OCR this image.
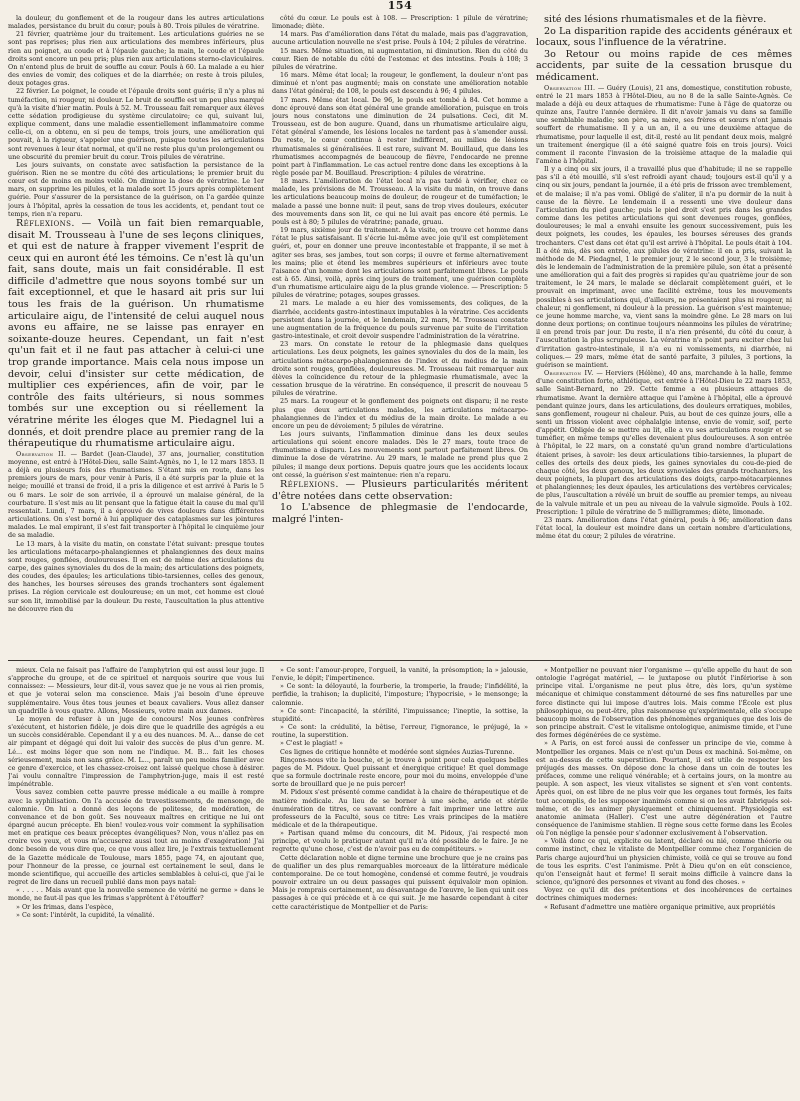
154

la douleur, du gonflement et de la rougeur dans les autres articulations malades, persistance du bruit du cœur; pouls à 80. Trois pilules de vératrine.

21 février, quatrième jour du traitement. Les articulations guéries ne se sont pas reprises; plus rien aux articulations des membres inférieurs, plus rien au poignet, au coude et à l'épaule gauche; la main, le coude et l'épaule droits sont encore un peu pris; plus rien aux articulations sterno-claviculaires. On n'entend plus de bruit de souffle au cœur. Pouls à 60. La malade a eu hier des envies de vomir, des coliques et de la diarrhée; on reste à trois pilules, deux potages gras.

22 février. Le poignet, le coude et l'épaule droits sont guéris; il n'y a plus ni tuméfaction, ni rougeur, ni douleur. Le bruit de souffle est un peu plus marqué qu'à la visite d'hier matin. Pouls à 52. M. Trousseau fait remarquer aux élèves cette sédation prodigieuse du système circulatoire; ce qui, suivant lui, explique comment, dans une maladie essentiellement inflammatoire comme celle-ci, on a obtenu, en si peu de temps, trois jours, une amélioration qui pouvait, à la rigueur, s'appeler une guérison, puisque toutes les articulations sont revenues à leur état normal, et qu'il ne reste plus qu'un prolongement ou une obscurité du premier bruit du cœur. Trois pilules de vératrine.

Les jours suivants, on constate avec satisfaction la persistance de la guérison. Rien ne se montre du côté des articulations; le premier bruit du cœur est de moins en moins voilé. On diminue la dose de vératrine. Le 1er mars, on supprime les pilules, et la malade sort 15 jours après complètement guérie. Pour s'assurer de la persistance de la guérison, on l'a gardée quinze jours à l'hôpital, après la cessation de tous les accidents, et, pendant tout ce temps, rien n'a reparu.

Réflexions. — Voilà un fait bien remarquable, disait M. Trousseau à l'une de ses leçons cliniques, et qui est de nature à frapper vivement l'esprit de ceux qui en auront été les témoins. Ce n'est là qu'un fait, sans doute, mais un fait considérable. Il est difficile d'admettre que nous soyons tombé sur un fait exceptionnel, et que le hasard ait pris sur lui tous les frais de la guérison. Un rhumatisme articulaire aigu, de l'intensité de celui auquel nous avons eu affaire, ne se laisse pas enrayer en soixante-douze heures. Cependant, un fait n'est qu'un fait et il ne faut pas attacher à celui-ci une trop grande importance. Mais cela nous impose un devoir, celui d'insister sur cette médication, de multiplier ces expériences, afin de voir, par le contrôle des faits ultérieurs, si nous sommes tombés sur une exception ou si réellement la vératrine mérite les éloges que M. Piedagnel lui a donnés, et doit prendre place au premier rang de la thérapeutique du rhumatisme articulaire aigu.

Observation II. — Bardet (Jean-Claude), 37 ans, journalier, constitution moyenne, est entré à l'Hôtel-Dieu, salle Saint-Agnès, no 1, le 12 mars 1853. Il a déjà eu plusieurs fois des rhumatismes. S'étant mis en route, dans les premiers jours de mars, pour venir à Paris, il a été surpris par la pluie et la neige; mouillé et transi de froid, il a pris la diligence et est arrivé à Paris le 5 ou 6 mars. Le soir de son arrivée, il a éprouvé un malaise général, de la courbature. Il s'est mis au lit pensant que la fatigue était la cause du mal qu'il ressentait. Lundi, 7 mars, il a éprouvé de vives douleurs dans différentes articulations. On s'est borné à lui appliquer des cataplasmes sur les jointures malades. Le mal empirant, il s'est fait transporter à l'hôpital le cinquième jour de sa maladie.

Le 13 mars, à la visite du matin, on constate l'état suivant: presque toutes les articulations métacarpo-phalangiennes et phalangiennes des deux mains sont rouges, gonflées, douloureuses. Il en est de même des articulations du carpe, des gaines synoviales du dos de la main; des articulations des poignets, des coudes, des épaules; les articulations tibio-tarsiennes, celles des genoux, des hanches, les bourses séreuses des grands trochanters sont également prises. La région cervicale est douloureuse; en un mot, cet homme est cloué sur son lit, immobilisé par la douleur. Du reste, l'auscultation la plus attentive ne découvre rien du

côté du cœur. Le pouls est à 108. — Prescription: 1 pilule de vératrine; limonade; diète.

14 mars. Pas d'amélioration dans l'état du malade, mais pas d'aggravation, aucune articulation nouvelle ne s'est prise. Pouls à 104; 2 pilules de vératrine.

15 mars. Même situation, ni augmentation, ni diminution. Rien du côté du cœur. Rien de notable du côté de l'estomac et des intestins. Pouls à 108; 3 pilules de vératrine.

16 mars. Même état local; la rougeur, le gonflement, la douleur n'ont pas diminué et n'ont pas augmenté; mais on constate une amélioration notable dans l'état général; de 108, le pouls est descendu à 96; 4 pilules.

17 mars. Même état local. De 96, le pouls est tombé à 84. Cet homme a donc éprouvé dans son état général une grande amélioration, puisque en trois jours nous constatons une diminution de 24 pulsations. Ceci, dit M. Trousseau, est de bon augure. Quand, dans un rhumatisme articulaire aigu, l'état général s'amende, les lésions locales ne tardent pas à s'amender aussi. Du reste, le cœur continue à rester indifférent, au milieu de lésions rhumatismales si généralisées. Il est rare, suivant M. Bouillaud, que dans les rhumatismes accompagnés de beaucoup de fièvre, l'endocarde ne prenne point part à l'inflammation. Le cas actuel rentre donc dans les exceptions à la règle posée par M. Bouillaud. Prescription: 4 pilules de vératrine.

18 mars. L'amélioration de l'état local n'a pas tardé à vérifier, chez ce malade, les prévisions de M. Trousseau. A la visite du matin, on trouve dans les articulations beaucoup moins de douleur, de rougeur et de tuméfaction; le malade a passé une bonne nuit: il peut, sans de trop vives douleurs, exécuter des mouvements dans son lit, ce qui ne lui avait pas encore été permis. Le pouls est à 80; 5 pilules de vératrine; panade, gruau.

19 mars, sixième jour de traitement. A la visite, on trouve cet homme dans l'état le plus satisfaisant. Il s'écrie lui-même avec joie qu'il est complètement guéri, et, pour en donner une preuve incontestable et frappante, il se met à agiter ses bras, ses jambes, tout son corps; il ouvre et ferme alternativement les mains; plie et étend les membres supérieurs et inférieurs avec toute l'aisance d'un homme dont les articulations sont parfaitement libres. Le pouls est à 65. Ainsi, voilà, après cinq jours de traitement, une guérison complète d'un rhumatisme articulaire aigu de la plus grande violence. — Prescription: 5 pilules de vératrine; potages, soupes grasses.

21 mars. Le malade a eu hier des vomissements, des coliques, de la diarrhée, accidents gastro-intestinaux imputables à la vératrine. Ces accidents persistent dans la journée, et le lendemain, 22 mars, M. Trousseau constate une augmentation de la fréquence du pouls survenue par suite de l'irritation gastro-intestinale, et croit devoir suspendre l'administration de la vératrine.

23 mars. On constate le retour de la phlegmasie dans quelques articulations. Les deux poignets, les gaines synoviales du dos de la main, les articulations métacarpo-phalangiennes de l'index et du médius de la main droite sont rouges, gonflées, douloureuses. M. Trousseau fait remarquer aux élèves la coïncidence du retour de la phlegmasie rhumatismale, avec la cessation brusque de la vératrine. En conséquence, il prescrit de nouveau 5 pilules de vératrine.

25 mars. La rougeur et le gonflement des poignets ont disparu; il ne reste plus que deux articulations malades, les articulations métacarpo-phalangiennes de l'index et du médius de la main droite. Le malade a eu encore un peu de dévoiement; 5 pilules de vératrine.

Les jours suivants, l'inflammation diminue dans les deux seules articulations qui soient encore malades. Dès le 27 mars, toute trace de rhumatisme a disparu. Les mouvements sont partout parfaitement libres. On diminue la dose de vératrine. Au 29 mars, le malade ne prend plus que 2 pilules; il mange deux portions. Depuis quatre jours que les accidents locaux ont cessé, la guérison s'est maintenue: rien n'a reparu.

Réflexions. — Plusieurs particularités méritent d'être notées dans cette observation:

1o L'absence de phlegmasie de l'endocarde, malgré l'inten-

sité des lésions rhumatismales et de la fièvre.

2o La disparition rapide des accidents généraux et locaux, sous l'influence de la vératrine.

3o Retour ou moins rapide de ces mêmes accidents, par suite de la cessation brusque du médicament.

Observation III. — Guéry (Louis), 21 ans, domestique, constitution robuste, entré le 21 mars 1853 à l'Hôtel-Dieu, au no 8 de la salle Sainte-Agnès. Ce malade a déjà eu deux attaques de rhumatisme: l'une à l'âge de quatorze ou quinze ans, l'autre l'année dernière. Il dit n'avoir jamais vu dans sa famille une semblable maladie; son père, sa mère, ses frères et sœurs n'ont jamais souffert de rhumatisme. Il y a un an, il a eu une deuxième attaque de rhumatisme, pour laquelle il est, dit-il, resté au lit pendant deux mois, malgré un traitement énergique (il a été saigné quatre fois en trois jours). Voici comment il raconte l'invasion de la troisième attaque de la maladie qui l'amène à l'hôpital.

Il y a cinq ou six jours, il a travaillé plus que d'habitude; il ne se rappelle pas s'il a été mouillé, s'il s'est refroidi ayant chaud; toujours est-il qu'il y a cinq ou six jours, pendant la journée, il a été pris de frisson avec tremblement, et de malaise; il n'a pas vomi. Obligé de s'aliter, il n'a pu dormir de la nuit à cause de la fièvre. Le lendemain il a ressenti une vive douleur dans l'articulation du pied gauche; puis le pied droit s'est pris dans les grandes comme dans les petites articulations qui sont devenues rouges, gonflées, douloureuses; le mal a envahi ensuite les genoux successivement, puis les deux poignets, les coudes, les épaules, les bourses séreuses des grands trochanters. C'est dans cet état qu'il est arrivé à l'hôpital. Le pouls était à 104. Il a été mis, dès son entrée, aux pilules de vératrine: il en a pris, suivant la méthode de M. Piedagnel, 1 le premier jour, 2 le second jour, 3 le troisième; dès le lendemain de l'administration de la première pilule, son état a présenté une amélioration qui a fait des progrès si rapides qu'au quatrième jour de son traitement, le 24 mars, le malade se déclarait complètement guéri, et le prouvait en imprimant, avec une facilité extrême, tous les mouvements possibles à ses articulations qui, d'ailleurs, ne présentaient plus ni rougeur, ni chaleur, ni gonflement, ni douleur à la pression. La guérison s'est maintenue; ce jeune homme marche, va, vient sans la moindre gêne. Le 28 mars on lui donne deux portions; on continue toujours néanmoins les pilules de vératrine; il en prend trois par jour. Du reste, il n'a rien présenté, du côté du cœur, à l'auscultation la plus scrupuleuse. La vératrine n'a point paru exciter chez lui d'irritation gastro-intestinale, il n'a eu ni vomissements, ni diarrhée, ni coliques.— 29 mars, même état de santé parfaite, 3 pilules, 3 portions, la guérison se maintient.

Observation IV. — Herviers (Hélène), 40 ans, marchande à la halle, femme d'une constitution forte, athlétique, est entrée à l'Hôtel-Dieu le 22 mars 1853, salle Saint-Bernard, no 29. Cette femme a eu plusieurs attaques de rhumatisme. Avant la dernière attaque qui l'amène à l'hôpital, elle a éprouvé pendant quinze jours, dans les articulations, des douleurs erratiques, mobiles, sans gonflement, rougeur ni chaleur. Puis, au bout de ces quinze jours, elle a senti un frisson violent avec céphalalgie intense, envie de vomir, soif, perte d'appétit. Obligée de se mettre au lit, elle a vu ses articulations rougir et se tuméfier, en même temps qu'elles devenaient plus douloureuses. A son entrée à l'hôpital, le 22 mars, on a constaté qu'un grand nombre d'articulations étaient prises, à savoir: les deux articulations tibio-tarsiennes, la plupart de celles des orteils des deux pieds, les gaines synoviales du cou-de-pied de chaque côté, les deux genoux, les deux synoviales des grands trochanters, les deux poignets, la plupart des articulations des doigts, carpo-métacarpiennes et phalangiennes; les deux épaules, les articulations des vertèbres cervicales; de plus, l'auscultation a révélé un bruit de souffle au premier temps, au niveau de la valvule mitrale et un peu au niveau de la valvule sigmoïde. Pouls à 102. Prescription: 1 pilule de vératrine de 5 milligrammes; diète, limonade.

23 mars. Amélioration dans l'état général, pouls à 96; amélioration dans l'état local, la douleur est moindre dans un certain nombre d'articulations, même état du cœur; 2 pilules de vératrine.

mieux. Cela ne faisait pas l'affaire de l'amphytrion qui est aussi leur juge. Il s'approche du groupe, et de ce spirituel et narquois sourire que vous lui connaissez: — Messieurs, leur dit-il, vous savez que je ne vous ai rien promis, et que je voterai selon ma conscience. Mais j'ai besoin d'une épreuve supplémentaire. Vous êtes tous jeunes et beaux cavaliers. Vous allez danser un quadrille à vous quatre. Allons, Messieurs, votre main aux dames.

Le moyen de refuser à un juge de concours! Nos jeunes confrères s'exécutent, et historien fidèle, je dois dire que le quadrille des agrégés a eu un succès considérable. Cependant il y a eu des nuances. M. A... danse de cet air pimpant et dégagé qui doit lui valoir des succès de plus d'un genre. M. Lé... est moins léger que son nom ne l'indique. M. B... fait les choses sérieusement, mais non sans grâce. M. L..., paraît un peu moins familier avec ce genre d'exercice, et les chassez-croisez ont laissé quelque chose à désirer. J'ai voulu connaître l'impression de l'amphytrion-juge, mais il est resté impénétrable.

Vous savez combien cette pauvre presse médicale a eu maille à rompre avec la syphilisation. On l'a accusée de travestissements, de mensonge, de calomnie. On lui a donné des leçons de politesse, de modération, de convenance et de bon goût. Ses nouveaux maîtres en critique ne lui ont épargné aucun précepte. Eh bien! voulez-vous voir comment la syphilisation met en pratique ces beaux préceptes évangéliques? Non, vous n'allez pas en croire vos yeux, et vous m'accuserez aussi tout au moins d'exagération! J'ai donc besoin de vous dire que, ce que vous allez lire, je l'extrais textuellement de la Gazette médicale de Toulouse, mars 1855, page 74, en ajoutant que, pour l'honneur de la presse, ce journal est certainement le seul, dans le monde scientifique, qui accueille des articles semblables à celui-ci, que j'ai le regret de lire dans un recueil publié dans mon pays natal:

« . . . . . Mais avant que la nouvelle semence de vérité ne germe » dans le monde, ne faut-il pas que les frimas s'apprêtent à l'étouffer?

» Or les frimas, dans l'espèce,

» Ce sont: l'intérêt, la cupidité, la vénalité.

» Ce sont: l'amour-propre, l'orgueil, la vanité, la présomption; la » jalousie, l'envie, le dépit; l'impertinence.

» Ce sont: la déloyauté, la fourberie, la tromperie, la fraude; l'infidélité, la perfidie, la trahison; la duplicité, l'imposture; l'hypocrisie, » le mensonge; la calomnie.

» Ce sont: l'incapacité, la stérilité, l'impuissance; l'ineptie, la sottise, la stupidité.

» Ce sont: la crédulité, la bêtise, l'erreur, l'ignorance, le préjugé, la » routine, la superstition.

» C'est le plagiat! »

Ces lignes de critique honnête et modérée sont signées Auzias-Turenne.

Rinçons-nous vite la bouche, et je trouve à point pour cela quelques belles pages de M. Pidoux. Quel puissant et énergique critique! Et quel dommage que sa formule doctrinale reste encore, pour moi du moins, enveloppée d'une sorte de brouillard que je ne puis percer!

M. Pidoux s'est présenté comme candidat à la chaire de thérapeutique et de matière médicale. Au lieu de se borner à une sèche, aride et stérile énumération de titres, ce savant confrère a fait imprimer une lettre aux professeurs de la Faculté, sous ce titre: Les vrais principes de la matière médicale et de la thérapeutique.

» Partisan quand même du concours, dit M. Pidoux, j'ai respecté mon principe, et voulu le pratiquer autant qu'il m'a été possible de le faire. Je ne regrette qu'une chose, c'est de n'avoir pas eu de compétiteurs. »

Cette déclaration noble et digne termine une brochure que je ne crains pas de qualifier un des plus remarquables morceaux de la littérature médicale contemporaine. De ce tout homogène, condensé et comme feutré, je voudrais pouvoir extraire un ou deux passages qui puissent équivaloir mon opinion. Mais je romprais certainement, au désavantage de l'œuvre, le lien qui unit ces passages à ce qui précède et à ce qui suit. Je me hasarde cependant à citer cette caractéristique de Montpellier et de Paris:

« Montpellier ne pouvant nier l'organisme — qu'elle appelle du haut de son ontologie l'agrégat matériel, — le juxtapose ou plutôt l'infériorise à son principe vital. L'organisme ne peut plus être, dès lors, qu'un système mécanique et chimique constamment détourné de ses fins naturelles par une force distincte qui lui impose d'autres lois. Mais comme l'École est plus philosophique, ou peut-être, plus raisonneuse qu'expérimentale, elle s'occupe beaucoup moins de l'observation des phénomènes organiques que des lois de son principe abstrait. C'est le vitalisme ontologique, animisme timide, et l'une des formes dégénérées de ce système.

» A Paris, on est forcé aussi de confesser un principe de vie, comme à Montpellier les organes. Mais ce n'est qu'un Deus ex machinâ. Soi-même, on est au-dessus de cette superstition. Pourtant, il est utile de respecter les préjugés des masses. On dépose donc la chose dans un coin de toutes les préfaces, comme une reliqué vénérable; et à certains jours, on la montre au peuple. A son aspect, les vieux vitalistes se signent et s'en vont contents. Après quoi, on est libre de ne plus voir que les organes tout formés, les faits tout accomplis, de les supposer inanimés comme si on les avait fabriqués soi-même, et de les animer physiquement et chimiquement. Physiologia est anatomie animata (Haller). C'est une autre dégénération et l'autre conséquence de l'animisme stahlien. Il règne sous cette forme dans les Écoles où l'on néglige la pensée pour s'adonner exclusivement à l'observation.

» Voilà donc ce qui, explicite ou latent, déclaré ou nié, comme théorie ou comme instinct, chez le vitaliste de Montpellier comme chez l'organicien de Paris charge aujourd'hui un physicien chimiste, voilà ce qui se trouve au fond de tous les esprits. C'est l'animisme. Prêt à Dieu qu'on en eût conscience, qu'on l'enseignât haut et ferme! Il serait moins difficile à vaincre dans la science, qu'ignoré des personnes et vivant au fond des choses. »

Voyez ce qu'il dit des prétentions et des incohérences de certaines doctrines chimiques modernes:

« Refusant d'admettre une matière organique primitive, aux propriétés
